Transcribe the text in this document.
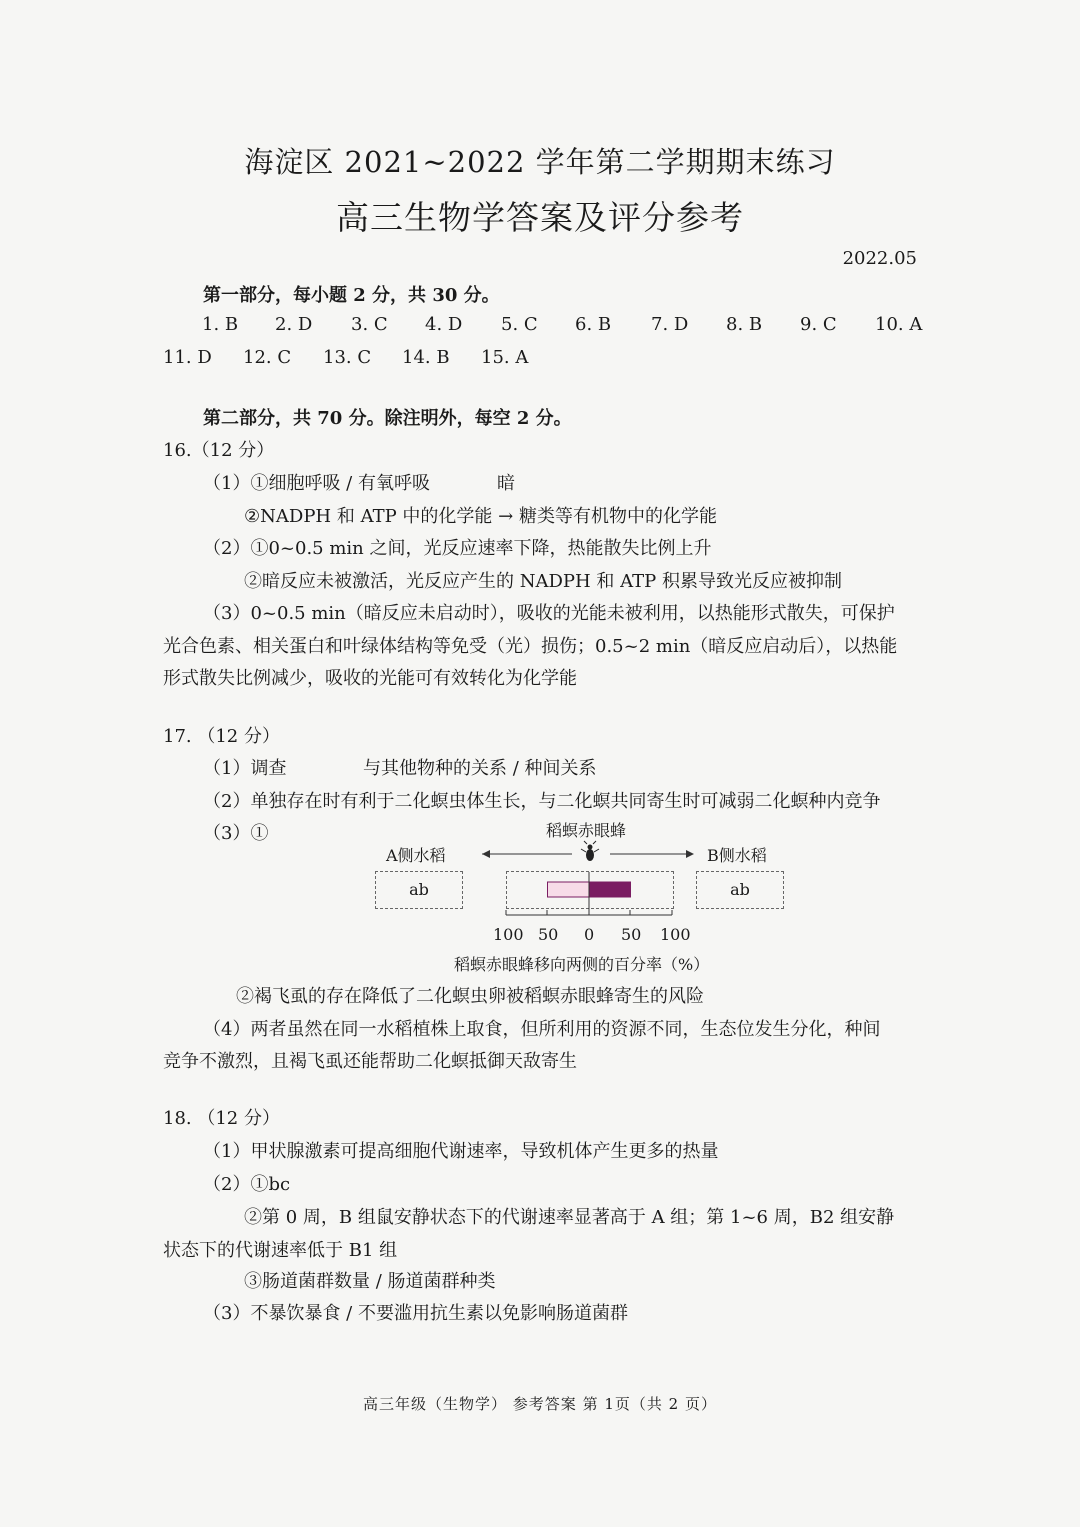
海淀区 2021~2022 学年第二学期期末练习
高三生物学答案及评分参考
2022.05
第一部分，每小题 2 分，共 30 分。
1. B 2. D 3. C 4. D 5. C 6. B 7. D 8. B 9. C 10. A
11. D 12. C 13. C 14. B 15. A
第二部分，共 70 分。除注明外，每空 2 分。
16.（12 分）
（1）①细胞呼吸 / 有氧呼吸	暗
②NADPH 和 ATP 中的化学能 → 糖类等有机物中的化学能
（2）①0~0.5 min 之间，光反应速率下降，热能散失比例上升
②暗反应未被激活，光反应产生的 NADPH 和 ATP 积累导致光反应被抑制
（3）0~0.5 min（暗反应未启动时），吸收的光能未被利用，以热能形式散失，可保护
光合色素、相关蛋白和叶绿体结构等免受（光）损伤；0.5~2 min（暗反应启动后），以热能
形式散失比例减少，吸收的光能可有效转化为化学能
17. （12 分）
（1）调查	与其他物种的关系 / 种间关系
（2）单独存在时有利于二化螟虫体生长，与二化螟共同寄生时可减弱二化螟种内竞争
（3）①	稻螟赤眼蜂
A侧水稻	B侧水稻
ab	ab
100 50 0 50 100
稻螟赤眼蜂移向两侧的百分率（%）
②褐飞虱的存在降低了二化螟虫卵被稻螟赤眼蜂寄生的风险
（4）两者虽然在同一水稻植株上取食，但所利用的资源不同，生态位发生分化，种间
竞争不激烈，且褐飞虱还能帮助二化螟抵御天敌寄生
18. （12 分）
（1）甲状腺激素可提高细胞代谢速率，导致机体产生更多的热量
（2）①bc
②第 0 周，B 组鼠安静状态下的代谢速率显著高于 A 组；第 1~6 周，B2 组安静
状态下的代谢速率低于 B1 组
③肠道菌群数量 / 肠道菌群种类
（3）不暴饮暴食 / 不要滥用抗生素以免影响肠道菌群
高三年级（生物学） 参考答案 第 1页（共 2 页）
